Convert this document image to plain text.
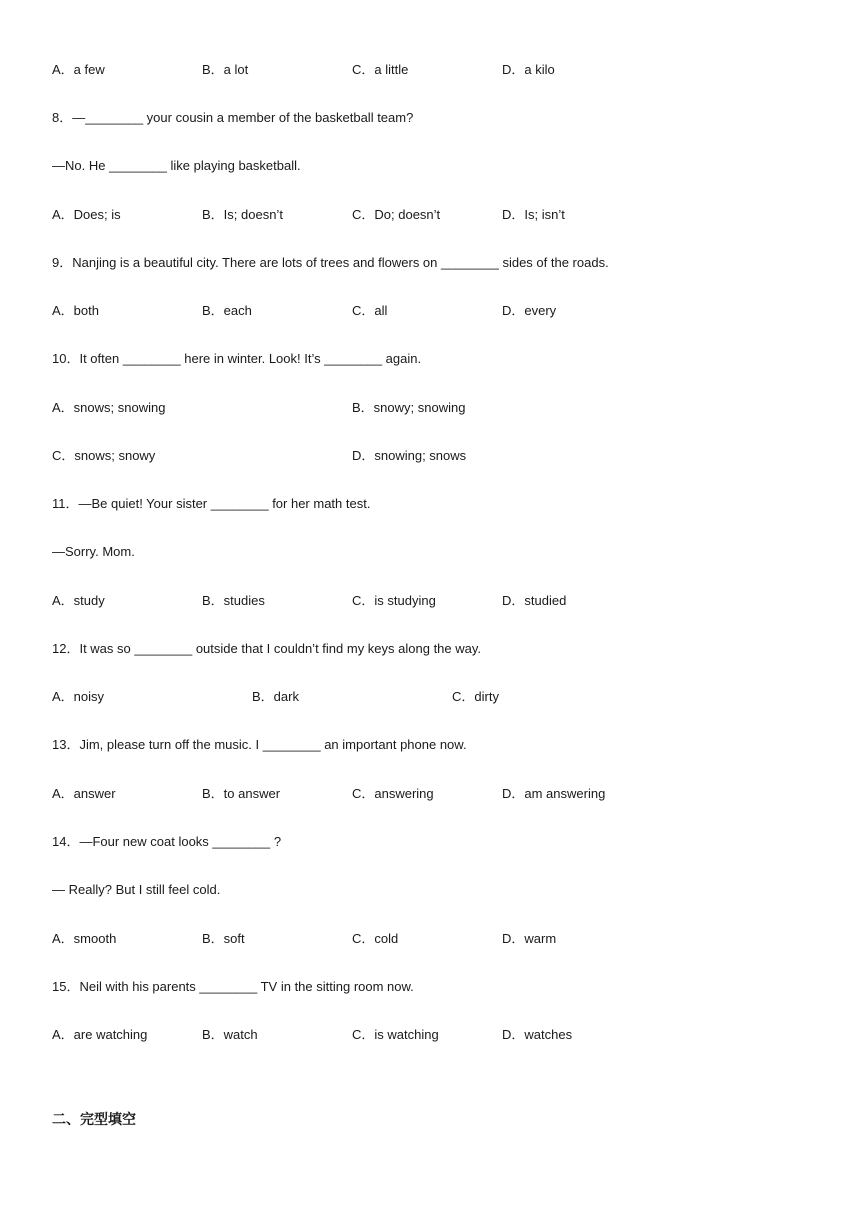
A．a few	B．a lot	C．a little	D．a kilo
8．—________ your cousin a member of the basketball team?
—No. He ________ like playing basketball.
A．Does; is	B．Is; doesn’t	C．Do; doesn’t	D．Is; isn’t
9．Nanjing is a beautiful city. There are lots of trees and flowers on ________ sides of the roads.
A．both	B．each	C．all	D．every
10．It often ________ here in winter. Look! It’s ________ again.
A．snows; snowing	B．snowy; snowing
C．snows; snowy	D．snowing; snows
11．—Be quiet! Your sister ________ for her math test.
—Sorry. Mom.
A．study	B．studies	C．is studying	D．studied
12．It was so ________ outside that I couldn’t find my keys along the way.
A．noisy	B．dark	C．dirty
13．Jim, please turn off the music. I ________ an important phone now.
A．answer	B．to answer	C．answering	D．am answering
14．—Four new coat looks ________ ?
— Really? But I still feel cold.
A．smooth	B．soft	C．cold	D．warm
15．Neil with his parents ________ TV in the sitting room now.
A．are watching	B．watch	C．is watching	D．watches
二、完型填空
